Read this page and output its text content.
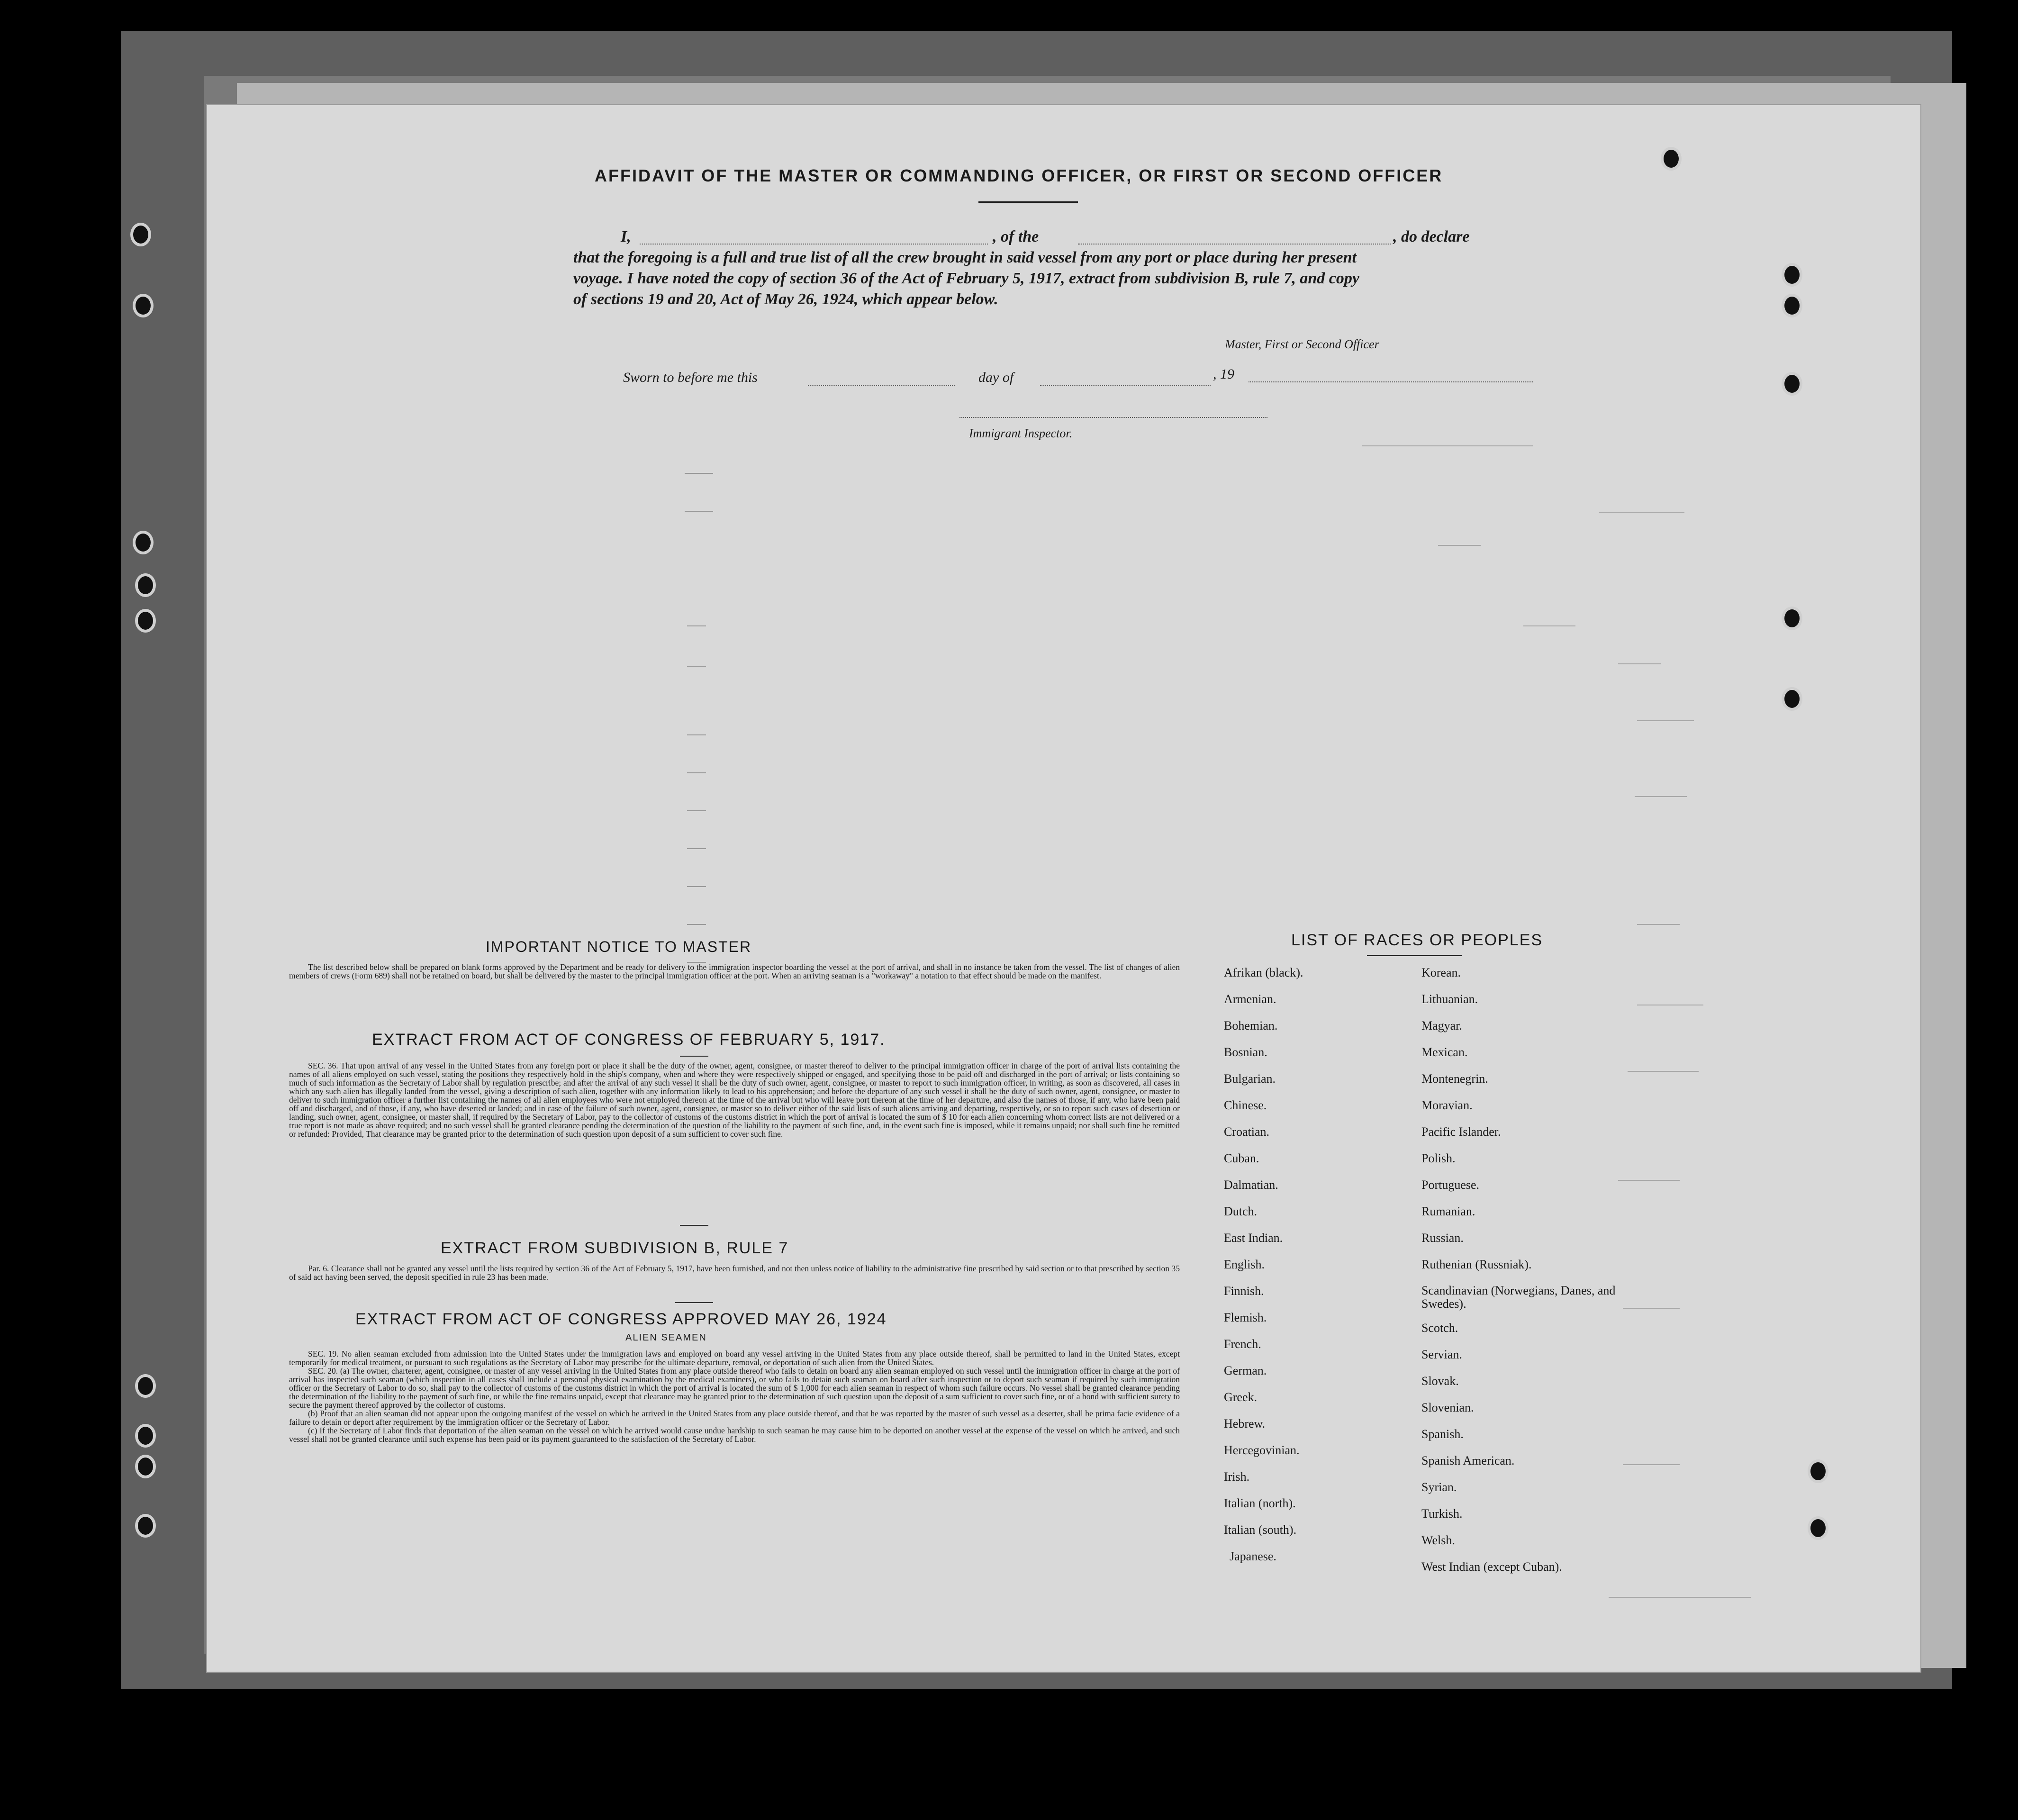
AFFIDAVIT OF THE MASTER OR COMMANDING OFFICER, OR FIRST OR SECOND OFFICER
I,	, of the	, do declare
that the foregoing is a full and true list of all the crew brought in said vessel from any port or place during her present
voyage. I have noted the copy of section 36 of the Act of February 5, 1917, extract from subdivision B, rule 7, and copy
of sections 19 and 20, Act of May 26, 1924, which appear below.
Master, First or Second Officer
Sworn to before me this	day of	, 19
Immigrant Inspector.
IMPORTANT NOTICE TO MASTER

The list described below shall be prepared on blank forms approved by the Department and be ready for delivery to the immigration inspector boarding the vessel at the port of arrival, and shall in no instance be taken from the vessel. The list of changes of alien members of crews (Form 689) shall not be retained on board, but shall be delivered by the master to the principal immigration officer at the port. When an arriving seaman is a "workaway" a notation to that effect should be made on the manifest.

EXTRACT FROM ACT OF CONGRESS OF FEBRUARY 5, 1917.

SEC. 36. That upon arrival of any vessel in the United States from any foreign port or place it shall be the duty of the owner, agent, consignee, or master thereof to deliver to the principal immigration officer in charge of the port of arrival lists containing the names of all aliens employed on such vessel, stating the positions they respectively hold in the ship's company, when and where they were respectively shipped or engaged, and specifying those to be paid off and discharged in the port of arrival; or lists containing so much of such information as the Secretary of Labor shall by regulation prescribe; and after the arrival of any such vessel it shall be the duty of such owner, agent, consignee, or master to report to such immigration officer, in writing, as soon as discovered, all cases in which any such alien has illegally landed from the vessel, giving a description of such alien, together with any information likely to lead to his apprehension; and before the departure of any such vessel it shall be the duty of such owner, agent, consignee, or master to deliver to such immigration officer a further list containing the names of all alien employees who were not employed thereon at the time of the arrival but who will leave port thereon at the time of her departure, and also the names of those, if any, who have been paid off and discharged, and of those, if any, who have deserted or landed; and in case of the failure of such owner, agent, consignee, or master so to deliver either of the said lists of such aliens arriving and departing, respectively, or so to report such cases of desertion or landing, such owner, agent, consignee, or master shall, if required by the Secretary of Labor, pay to the collector of customs of the customs district in which the port of arrival is located the sum of $ 10 for each alien concerning whom correct lists are not delivered or a true report is not made as above required; and no such vessel shall be granted clearance pending the determination of the question of the liability to the payment of such fine, and, in the event such fine is imposed, while it remains unpaid; nor shall such fine be remitted or refunded: Provided, That clearance may be granted prior to the determination of such question upon deposit of a sum sufficient to cover such fine.

EXTRACT FROM SUBDIVISION B, RULE 7

Par. 6. Clearance shall not be granted any vessel until the lists required by section 36 of the Act of February 5, 1917, have been furnished, and not then unless notice of liability to the administrative fine prescribed by said section or to that prescribed by section 35 of said act having been served, the deposit specified in rule 23 has been made.

EXTRACT FROM ACT OF CONGRESS APPROVED MAY 26, 1924
ALIEN SEAMEN

SEC. 19. No alien seaman excluded from admission into the United States under the immigration laws and employed on board any vessel arriving in the United States from any place outside thereof, shall be permitted to land in the United States, except temporarily for medical treatment, or pursuant to such regulations as the Secretary of Labor may prescribe for the ultimate departure, removal, or deportation of such alien from the United States.

SEC. 20. (a) The owner, charterer, agent, consignee, or master of any vessel arriving in the United States from any place outside thereof who fails to detain on board any alien seaman employed on such vessel until the immigration officer in charge at the port of arrival has inspected such seaman (which inspection in all cases shall include a personal physical examination by the medical examiners), or who fails to detain such seaman on board after such inspection or to deport such seaman if required by such immigration officer or the Secretary of Labor to do so, shall pay to the collector of customs of the customs district in which the port of arrival is located the sum of $ 1,000 for each alien seaman in respect of whom such failure occurs. No vessel shall be granted clearance pending the determination of the liability to the payment of such fine, or while the fine remains unpaid, except that clearance may be granted prior to the determination of such question upon the deposit of a sum sufficient to cover such fine, or of a bond with sufficient surety to secure the payment thereof approved by the collector of customs.

(b) Proof that an alien seaman did not appear upon the outgoing manifest of the vessel on which he arrived in the United States from any place outside thereof, and that he was reported by the master of such vessel as a deserter, shall be prima facie evidence of a failure to detain or deport after requirement by the immigration officer or the Secretary of Labor.

(c) If the Secretary of Labor finds that deportation of the alien seaman on the vessel on which he arrived would cause undue hardship to such seaman he may cause him to be deported on another vessel at the expense of the vessel on which he arrived, and such vessel shall not be granted clearance until such expense has been paid or its payment guaranteed to the satisfaction of the Secretary of Labor.

LIST OF RACES OR PEOPLES
Afrikan (black).
Armenian.
Bohemian.
Bosnian.
Bulgarian.
Chinese.
Croatian.
Cuban.
Dalmatian.
Dutch.
East Indian.
English.
Finnish.
Flemish.
French.
German.
Greek.
Hebrew.
Hercegovinian.
Irish.
Italian (north).
Italian (south).
Japanese.
Korean.
Lithuanian.
Magyar.
Mexican.
Montenegrin.
Moravian.
Pacific Islander.
Polish.
Portuguese.
Rumanian.
Russian.
Ruthenian (Russniak).
Scandinavian (Norwegians, Danes, and Swedes).
Scotch.
Servian.
Slovak.
Slovenian.
Spanish.
Spanish American.
Syrian.
Turkish.
Welsh.
West Indian (except Cuban).
